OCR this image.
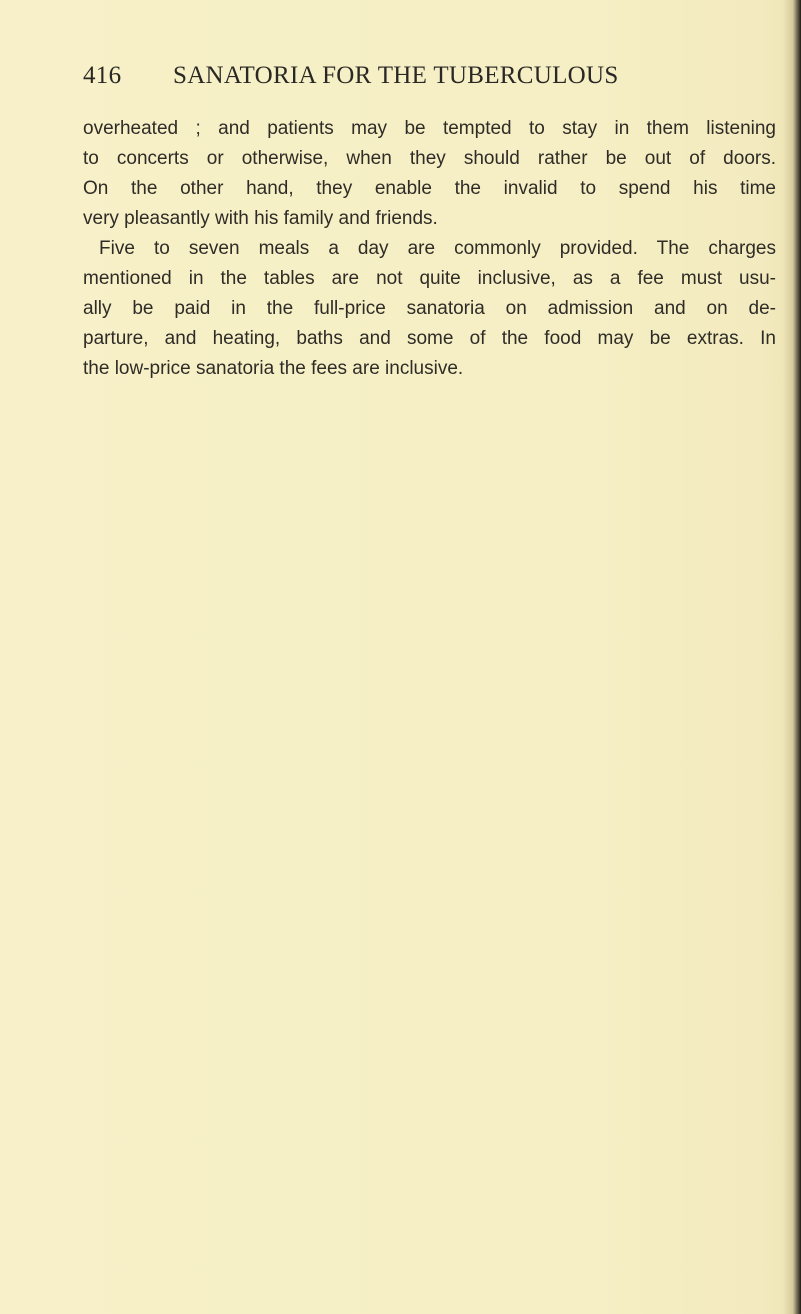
416 SANATORIA FOR THE TUBERCULOUS
overheated ; and patients may be tempted to stay in them listening
to concerts or otherwise, when they should rather be out of doors.
On the other hand, they enable the invalid to spend his time
very pleasantly with his family and friends.
Five to seven meals a day are commonly provided. The charges
mentioned in the tables are not quite inclusive, as a fee must usu-
ally be paid in the full-price sanatoria on admission and on de-
parture, and heating, baths and some of the food may be extras. In
the low-price sanatoria the fees are inclusive.
